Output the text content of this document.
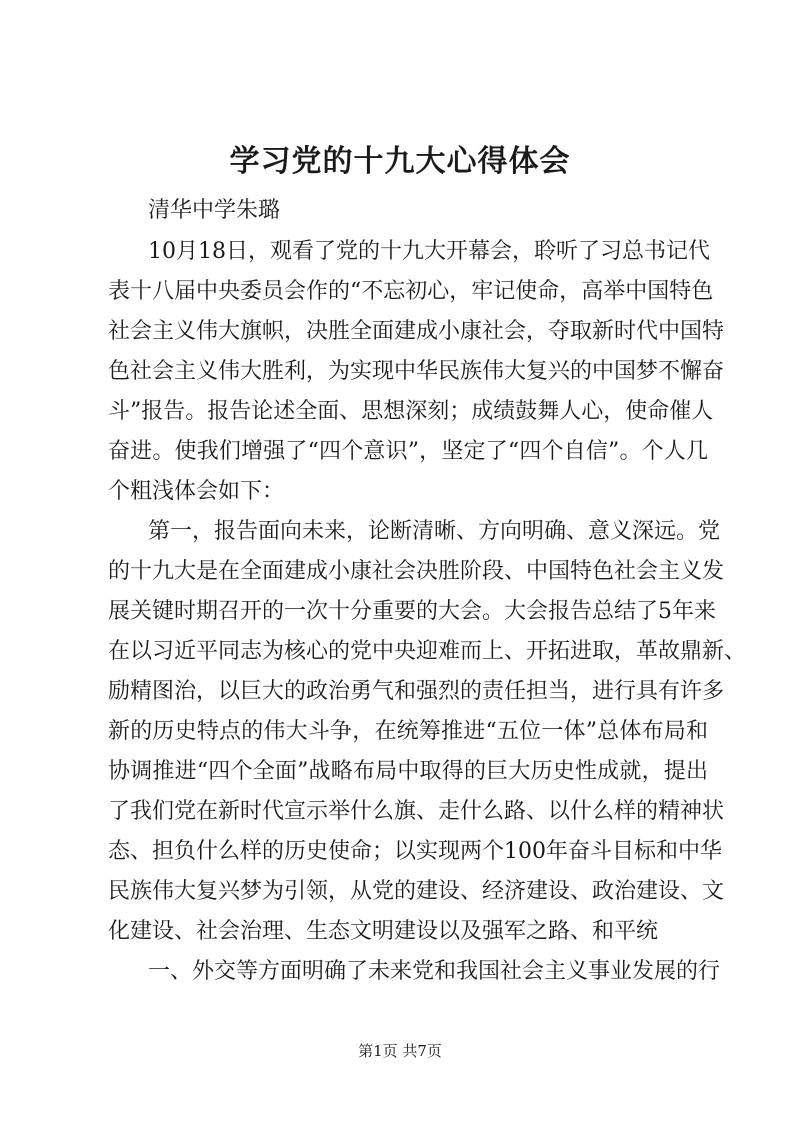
学习党的十九大心得体会

清华中学朱璐

10月18日，观看了党的十九大开幕会，聆听了习总书记代

表十八届中央委员会作的“不忘初心，牢记使命，高举中国特色

社会主义伟大旗帜，决胜全面建成小康社会，夺取新时代中国特

色社会主义伟大胜利，为实现中华民族伟大复兴的中国梦不懈奋

斗”报告。报告论述全面、思想深刻；成绩鼓舞人心，使命催人

奋进。使我们增强了“四个意识”，坚定了“四个自信”。个人几

个粗浅体会如下：

第一，报告面向未来，论断清晰、方向明确、意义深远。党

的十九大是在全面建成小康社会决胜阶段、中国特色社会主义发

展关键时期召开的一次十分重要的大会。大会报告总结了5年来

在以习近平同志为核心的党中央迎难而上、开拓进取，革故鼎新、

励精图治，以巨大的政治勇气和强烈的责任担当，进行具有许多

新的历史特点的伟大斗争，在统筹推进“五位一体”总体布局和

协调推进“四个全面”战略布局中取得的巨大历史性成就，提出

了我们党在新时代宣示举什么旗、走什么路、以什么样的精神状

态、担负什么样的历史使命；以实现两个100年奋斗目标和中华

民族伟大复兴梦为引领，从党的建设、经济建设、政治建设、文

化建设、社会治理、生态文明建设以及强军之路、和平统

一、外交等方面明确了未来党和我国社会主义事业发展的行

第1页 共7页
